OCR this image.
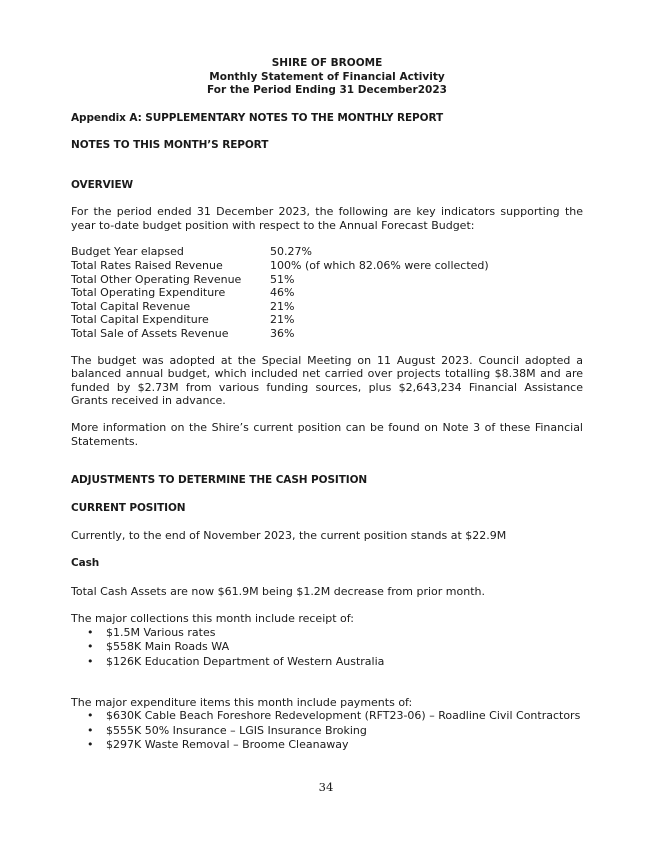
SHIRE OF BROOME
Monthly Statement of Financial Activity
For the Period Ending 31 December2023

Appendix A: SUPPLEMENTARY NOTES TO THE MONTHLY REPORT

NOTES TO THIS MONTH’S REPORT

OVERVIEW

For the period ended 31 December 2023, the following are key indicators supporting the year to-date budget position with respect to the Annual Forecast Budget:

Budget Year elapsed	50.27%
Total Rates Raised Revenue	100% (of which 82.06% were collected)
Total Other Operating Revenue	51%
Total Operating Expenditure	46%
Total Capital Revenue	21%
Total Capital Expenditure	21%
Total Sale of Assets Revenue	36%

The budget was adopted at the Special Meeting on 11 August 2023. Council adopted a balanced annual budget, which included net carried over projects totalling $8.38M and are funded by $2.73M from various funding sources, plus $2,643,234 Financial Assistance Grants received in advance.

More information on the Shire’s current position can be found on Note 3 of these Financial Statements.

ADJUSTMENTS TO DETERMINE THE CASH POSITION

CURRENT POSITION

Currently, to the end of November 2023, the current position stands at $22.9M

Cash

Total Cash Assets are now $61.9M being $1.2M decrease from prior month.

The major collections this month include receipt of:

• $1.5M Various rates
• $558K Main Roads WA
• $126K Education Department of Western Australia

The major expenditure items this month include payments of:

• $630K Cable Beach Foreshore Redevelopment (RFT23-06) – Roadline Civil Contractors
• $555K 50% Insurance – LGIS Insurance Broking
• $297K Waste Removal – Broome Cleanaway
34
